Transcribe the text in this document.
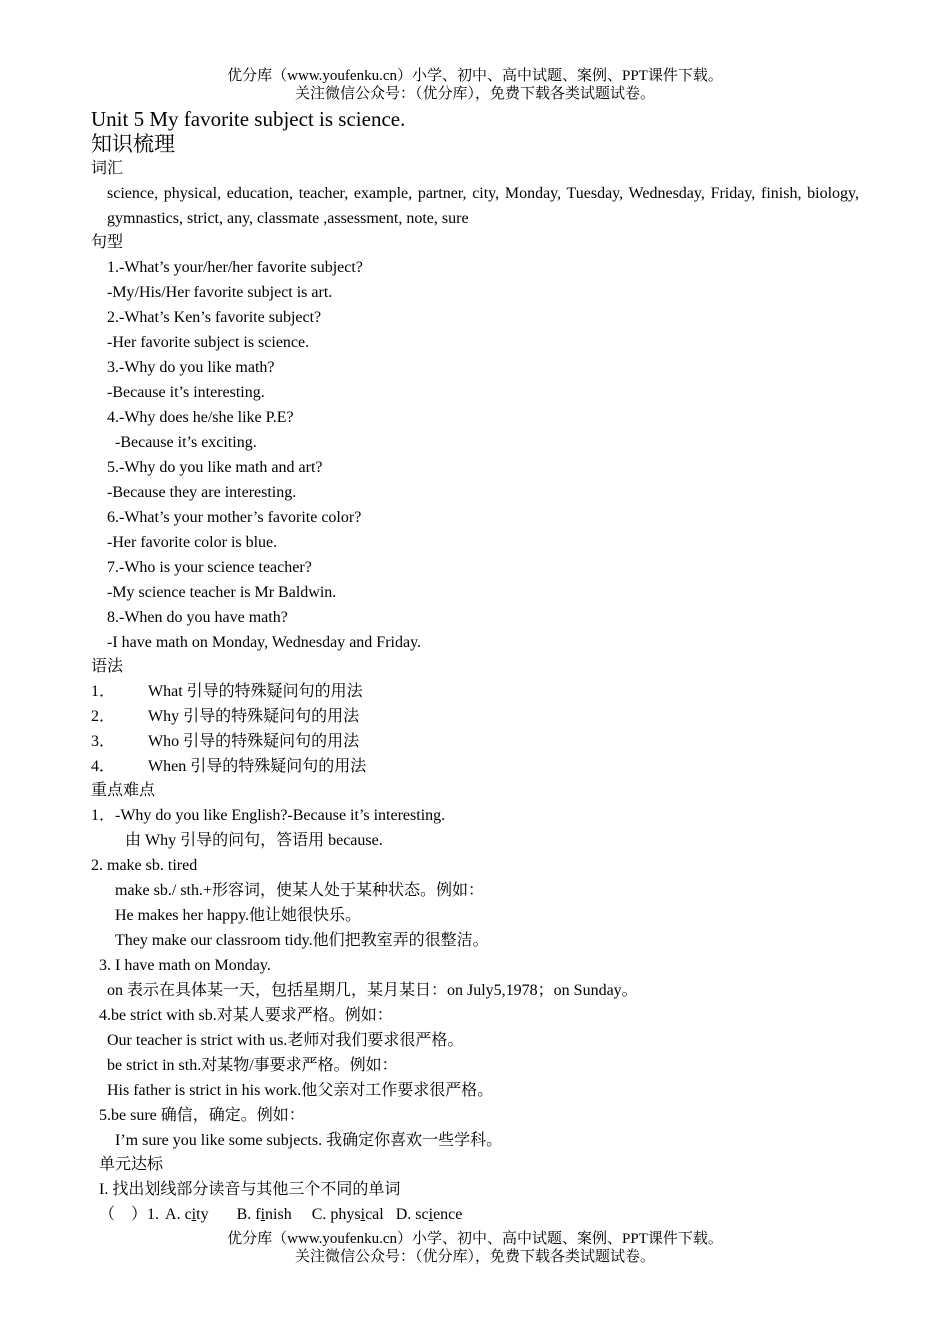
优分库（www.youfenku.cn）小学、初中、高中试题、案例、PPT课件下载。
关注微信公众号：（优分库），免费下载各类试题试卷。
Unit 5 My favorite subject is science.
知识梳理
词汇
science, physical, education, teacher, example, partner, city, Monday, Tuesday, Wednesday, Friday, finish, biology, gymnastics, strict, any, classmate ,assessment, note, sure
句型
1.-What’s your/her/her favorite subject?
-My/His/Her favorite subject is art.
2.-What’s Ken’s favorite subject?
-Her favorite subject is science.
3.-Why do you like math?
-Because it’s interesting.
4.-Why does he/she like P.E?
-Because it’s exciting.
5.-Why do you like math and art?
-Because they are interesting.
6.-What’s your mother’s favorite color?
-Her favorite color is blue.
7.-Who is your science teacher?
-My science teacher is Mr Baldwin.
8.-When do you have math?
-I have math on Monday, Wednesday and Friday.
语法
1． What 引导的特殊疑问句的用法
2． Why 引导的特殊疑问句的用法
3． Who 引导的特殊疑问句的用法
4． When 引导的特殊疑问句的用法
重点难点
1．-Why do you like English?-Because it’s interesting.
由 Why 引导的问句，答语用 because.
2. make sb. tired
make sb./ sth.+形容词，使某人处于某种状态。例如：
He makes her happy.他让她很快乐。
They make our classroom tidy.他们把教室弄的很整洁。
3. I have math on Monday.
on 表示在具体某一天，包括星期几，某月某日：on July5,1978；on Sunday。
4.be strict with sb.对某人要求严格。例如：
Our teacher is strict with us.老师对我们要求很严格。
be strict in sth.对某物/事要求严格。例如：
His father is strict in his work.他父亲对工作要求很严格。
5.be sure 确信，确定。例如：
I’m sure you like some subjects. 我确定你喜欢一些学科。
单元达标
I. 找出划线部分读音与其他三个不同的单词
（　）1. A. city B. finish C. physical D. science
优分库（www.youfenku.cn）小学、初中、高中试题、案例、PPT课件下载。
关注微信公众号：（优分库），免费下载各类试题试卷。
